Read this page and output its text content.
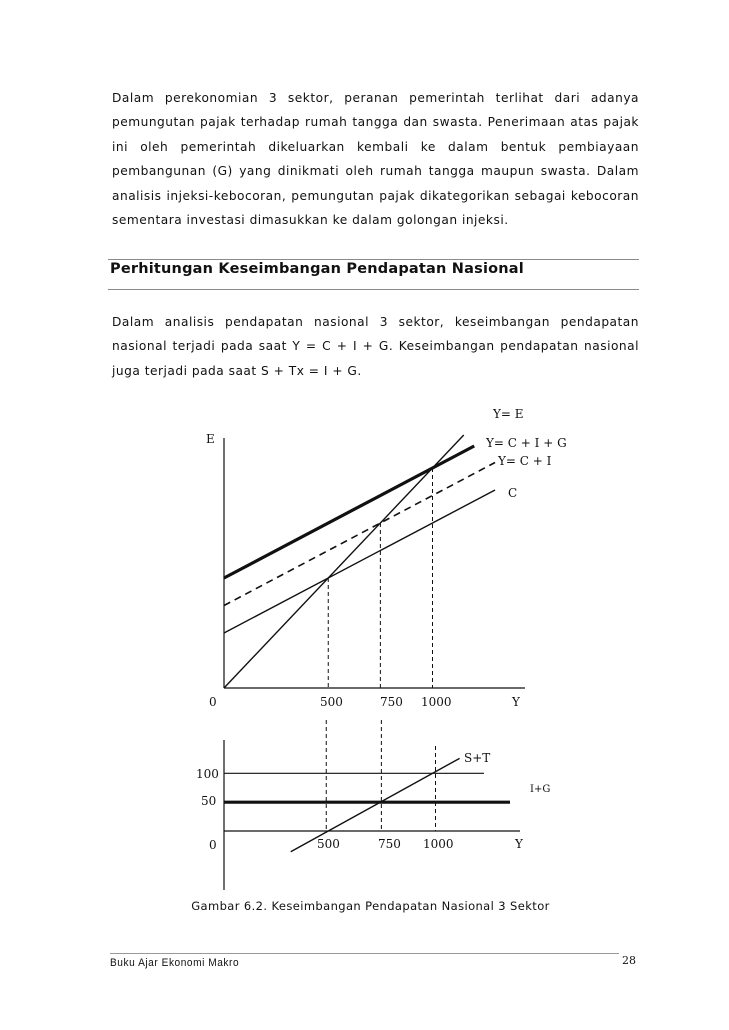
Dalam perekonomian 3 sektor, peranan pemerintah terlihat dari adanya pemungutan pajak terhadap rumah tangga dan swasta. Penerimaan atas pajak ini oleh pemerintah dikeluarkan kembali ke dalam bentuk pembiayaan pembangunan (G) yang dinikmati oleh rumah tangga maupun swasta. Dalam analisis injeksi-kebocoran, pemungutan pajak dikategorikan sebagai kebocoran sementara investasi dimasukkan ke dalam golongan injeksi.

Perhitungan Keseimbangan Pendapatan Nasional

Dalam analisis pendapatan nasional 3 sektor, keseimbangan pendapatan nasional terjadi pada saat Y = C + I + G. Keseimbangan pendapatan nasional juga terjadi pada saat S + Tx = I + G.

E
0	500	750 1000	Y
Y= E
Y= C + I + G
Y= C + I
C
100
50
0	500	750 1000	Y
S+T
I+G

Gambar 6.2. Keseimbangan Pendapatan Nasional 3 Sektor

Buku Ajar Ekonomi Makro	28
